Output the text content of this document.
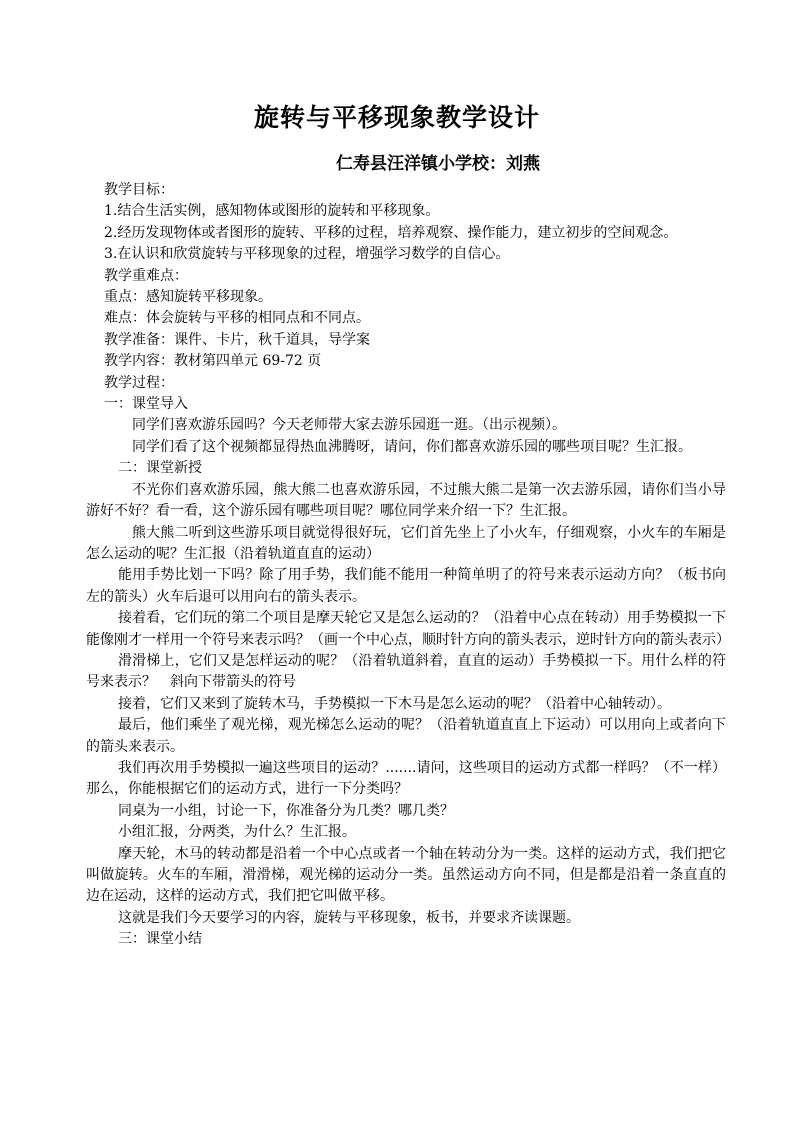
旋转与平移现象教学设计
仁寿县汪洋镇小学校：刘燕

教学目标：

1.结合生活实例，感知物体或图形的旋转和平移现象。

2.经历发现物体或者图形的旋转、平移的过程，培养观察、操作能力，建立初步的空间观念。

3.在认识和欣赏旋转与平移现象的过程，增强学习数学的自信心。

教学重难点：

重点：感知旋转平移现象。

难点：体会旋转与平移的相同点和不同点。

教学准备：课件、卡片，秋千道具，导学案

教学内容：教材第四单元 69-72 页

教学过程：

一：课堂导入

同学们喜欢游乐园吗？今天老师带大家去游乐园逛一逛。（出示视频）。

同学们看了这个视频都显得热血沸腾呀，请问，你们都喜欢游乐园的哪些项目呢？生汇报。

二：课堂新授

不光你们喜欢游乐园，熊大熊二也喜欢游乐园，不过熊大熊二是第一次去游乐园，请你们当小导游好不好？看一看，这个游乐园有哪些项目呢？哪位同学来介绍一下？生汇报。

熊大熊二听到这些游乐项目就觉得很好玩，它们首先坐上了小火车，仔细观察，小火车的车厢是怎么运动的呢？生汇报（沿着轨道直直的运动）

能用手势比划一下吗？除了用手势，我们能不能用一种简单明了的符号来表示运动方向？（板书向左的箭头）火车后退可以用向右的箭头表示。

接着看，它们玩的第二个项目是摩天轮它又是怎么运动的？（沿着中心点在转动）用手势模拟一下能像刚才一样用一个符号来表示吗？（画一个中心点，顺时针方向的箭头表示，逆时针方向的箭头表示）

滑滑梯上，它们又是怎样运动的呢？（沿着轨道斜着，直直的运动）手势模拟一下。用什么样的符号来表示？　斜向下带箭头的符号

接着，它们又来到了旋转木马，手势模拟一下木马是怎么运动的呢？（沿着中心轴转动）。

最后，他们乘坐了观光梯，观光梯怎么运动的呢？（沿着轨道直直上下运动）可以用向上或者向下的箭头来表示。

我们再次用手势模拟一遍这些项目的运动？.......请问，这些项目的运动方式都一样吗？（不一样）那么，你能根据它们的运动方式，进行一下分类吗？

同桌为一小组，讨论一下，你准备分为几类？哪几类？

小组汇报，分两类，为什么？生汇报。

摩天轮，木马的转动都是沿着一个中心点或者一个轴在转动分为一类。这样的运动方式，我们把它叫做旋转。火车的车厢，滑滑梯，观光梯的运动分一类。虽然运动方向不同，但是都是沿着一条直直的边在运动，这样的运动方式，我们把它叫做平移。

这就是我们今天要学习的内容，旋转与平移现象，板书，并要求齐读课题。

三：课堂小结
